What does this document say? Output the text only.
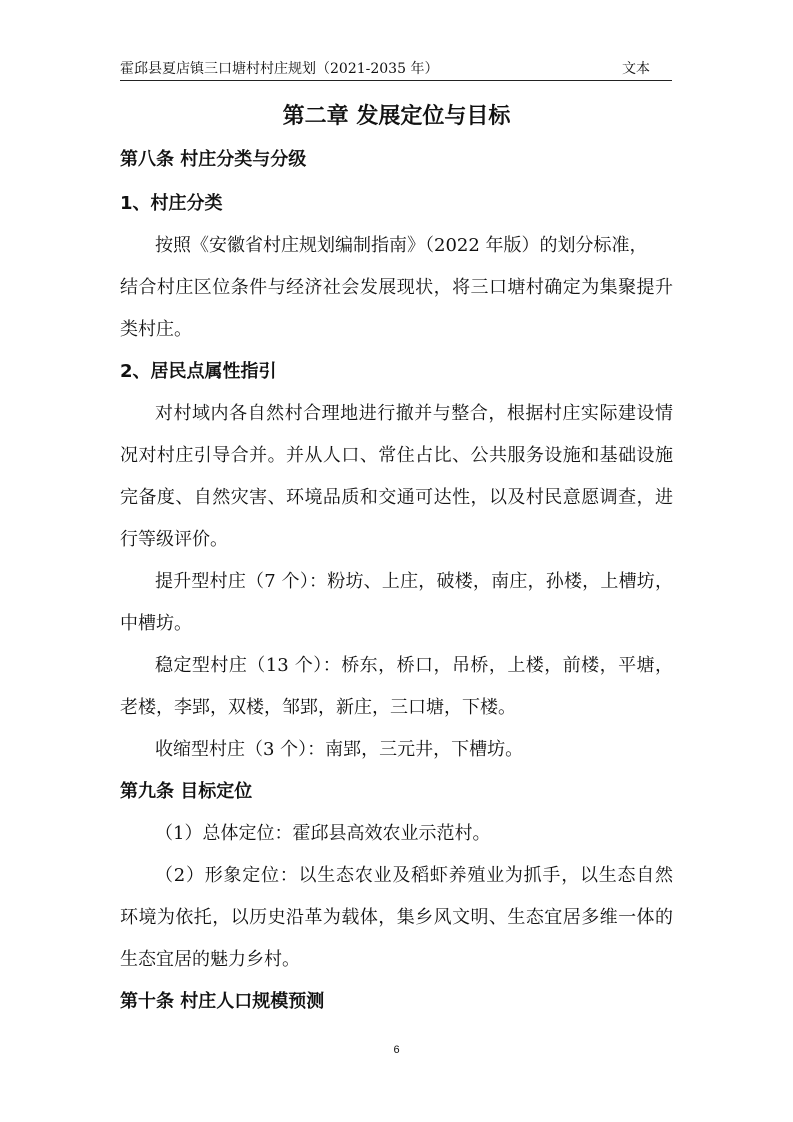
霍邱县夏店镇三口塘村村庄规划（2021-2035 年）	文本
第二章 发展定位与目标
第八条 村庄分类与分级
1、村庄分类
按照《安徽省村庄规划编制指南》（2022 年版）的划分标准，
结合村庄区位条件与经济社会发展现状，将三口塘村确定为集聚提升
类村庄。
2、居民点属性指引
对村域内各自然村合理地进行撤并与整合，根据村庄实际建设情
况对村庄引导合并。并从人口、常住占比、公共服务设施和基础设施
完备度、自然灾害、环境品质和交通可达性，以及村民意愿调查，进
行等级评价。
提升型村庄（7 个）：粉坊、上庄，破楼，南庄，孙楼，上槽坊，
中槽坊。
稳定型村庄（13 个）：桥东，桥口，吊桥，上楼，前楼，平塘，
老楼，李郢，双楼，邹郢，新庄，三口塘，下楼。
收缩型村庄（3 个）：南郢，三元井，下槽坊。
第九条 目标定位
（1）总体定位：霍邱县高效农业示范村。
（2）形象定位：以生态农业及稻虾养殖业为抓手，以生态自然
环境为依托，以历史沿革为载体，集乡风文明、生态宜居多维一体的
生态宜居的魅力乡村。
第十条 村庄人口规模预测
6
